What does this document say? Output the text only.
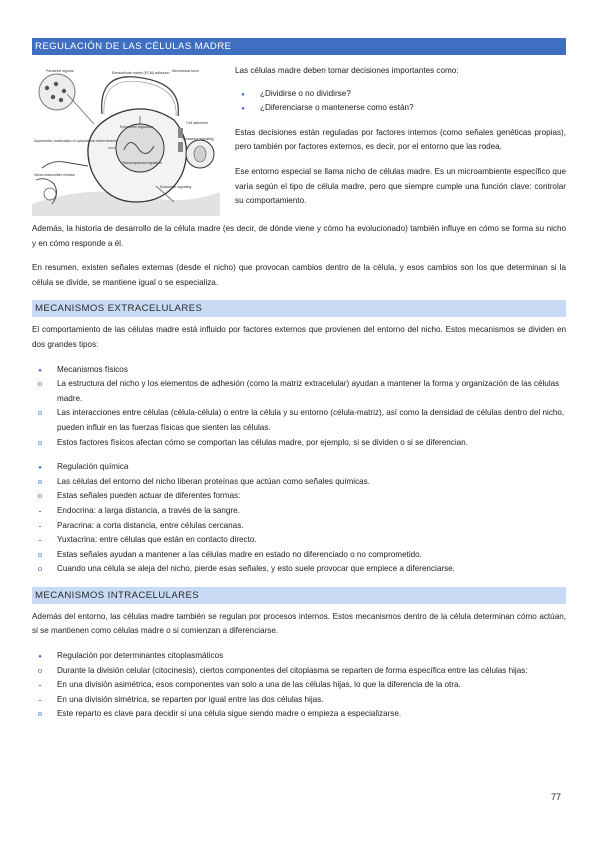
REGULACIÓN DE LAS CÉLULAS MADRE
Paracrine signals	Extracellular matrix (ECM) adhesion Mechanical force
Epigenetic regulation
Transcriptional regulation
Cell adhesion
Juxtacrine signaling
Endocrine signaling
Asymmetric localization of cytoplasmic determinants
Neuro-transmitter release

Las células madre deben tomar decisiones importantes como:

●
¿Dividirse o no dividirse?
●
¿Diferenciarse o mantenerse como están?

Estas decisiones están reguladas por factores internos (como señales genéticas propias), pero también por factores externos, es decir, por el entorno que las rodea.

Ese entorno especial se llama nicho de células madre. Es un microambiente específico que varía según el tipo de célula madre, pero que siempre cumple una función clave: controlar su comportamiento.

Además, la historia de desarrollo de la célula madre (es decir, de dónde viene y cómo ha evolucionado) también influye en cómo se forma su nicho y en cómo responde a él.

En resumen, existen señales externas (desde el nicho) que provocan cambios dentro de la célula, y esos cambios son los que determinan si la célula se divide, se mantiene igual o se especializa.

MECANISMOS EXTRACELULARES

El comportamiento de las células madre está influido por factores externos que provienen del entorno del nicho. Estos mecanismos se dividen en dos grandes tipos:

●
Mecanismos físicos
o
La estructura del nicho y los elementos de adhesión (como la matriz extracelular) ayudan a mantener la forma y organización de las células madre.
o
Las interacciones entre células (célula-célula) o entre la célula y su entorno (célula-matriz), así como la densidad de células dentro del nicho, pueden influir en las fuerzas físicas que sienten las células.
o
Estos factores físicos afectan cómo se comportan las células madre, por ejemplo, si se dividen o si se diferencian.
●
Regulación química
o
Las células del entorno del nicho liberan proteínas que actúan como señales químicas.
o
Estas señales pueden actuar de diferentes formas:
-
Endocrina: a larga distancia, a través de la sangre.
-
Paracrina: a corta distancia, entre células cercanas.
-
Yuxtacrina: entre células que están en contacto directo.
o
Estas señales ayudan a mantener a las células madre en estado no diferenciado o no comprometido.
o
Cuando una célula se aleja del nicho, pierde esas señales, y esto suele provocar que empiece a diferenciarse.
MECANISMOS INTRACELULARES

Además del entorno, las células madre también se regulan por procesos internos. Estos mecanismos dentro de la célula determinan cómo actúan, si se mantienen como células madre o si comienzan a diferenciarse.

●
Regulación por determinantes citoplasmáticos
o
Durante la división celular (citocinesis), ciertos componentes del citoplasma se reparten de forma específica entre las células hijas:
-
En una división asimétrica, esos componentes van solo a una de las células hijas, lo que la diferencia de la otra.
-
En una división simétrica, se reparten por igual entre las dos células hijas.
o
Este reparto es clave para decidir si una célula sigue siendo madre o empieza a especializarse.
77
